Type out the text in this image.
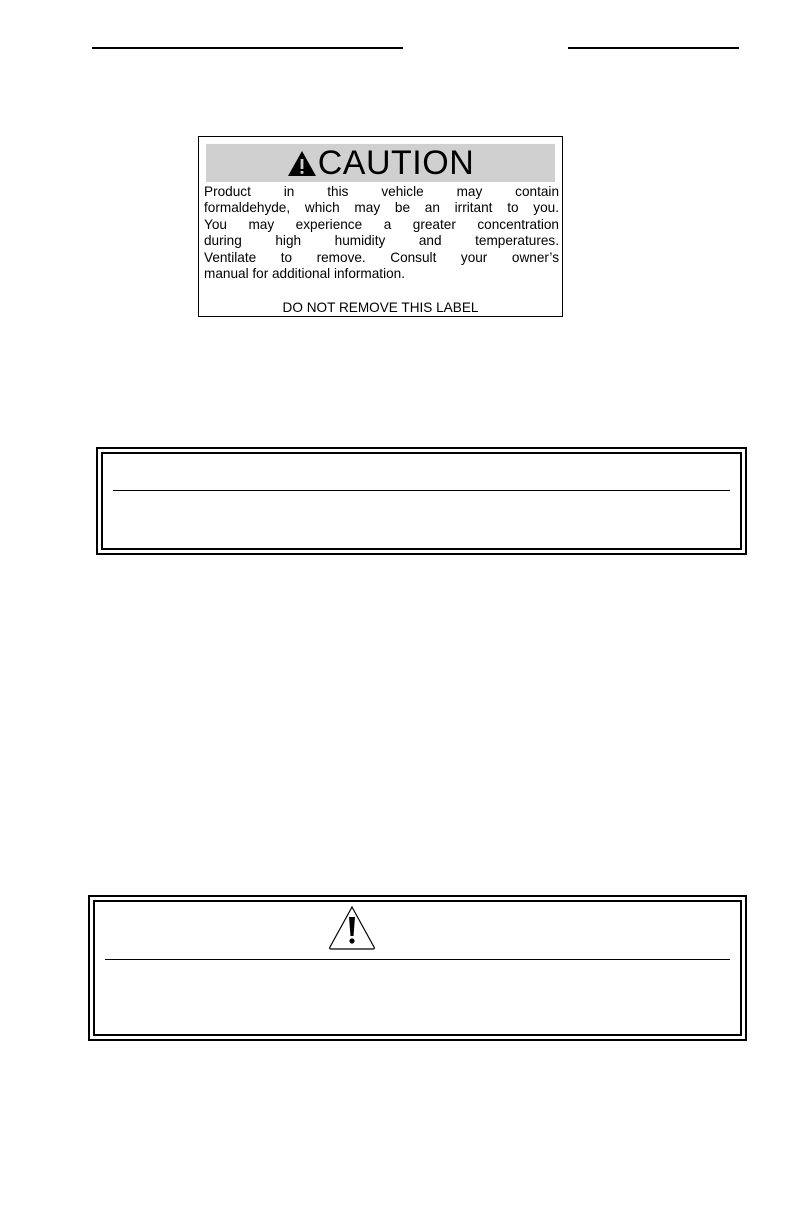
CAUTION

Product in this vehicle may contain

formaldehyde, which may be an irritant to you.

You may experience a greater concentration

during high humidity and temperatures.

Ventilate to remove. Consult your owner’s

manual for additional information.

DO NOT REMOVE THIS LABEL
